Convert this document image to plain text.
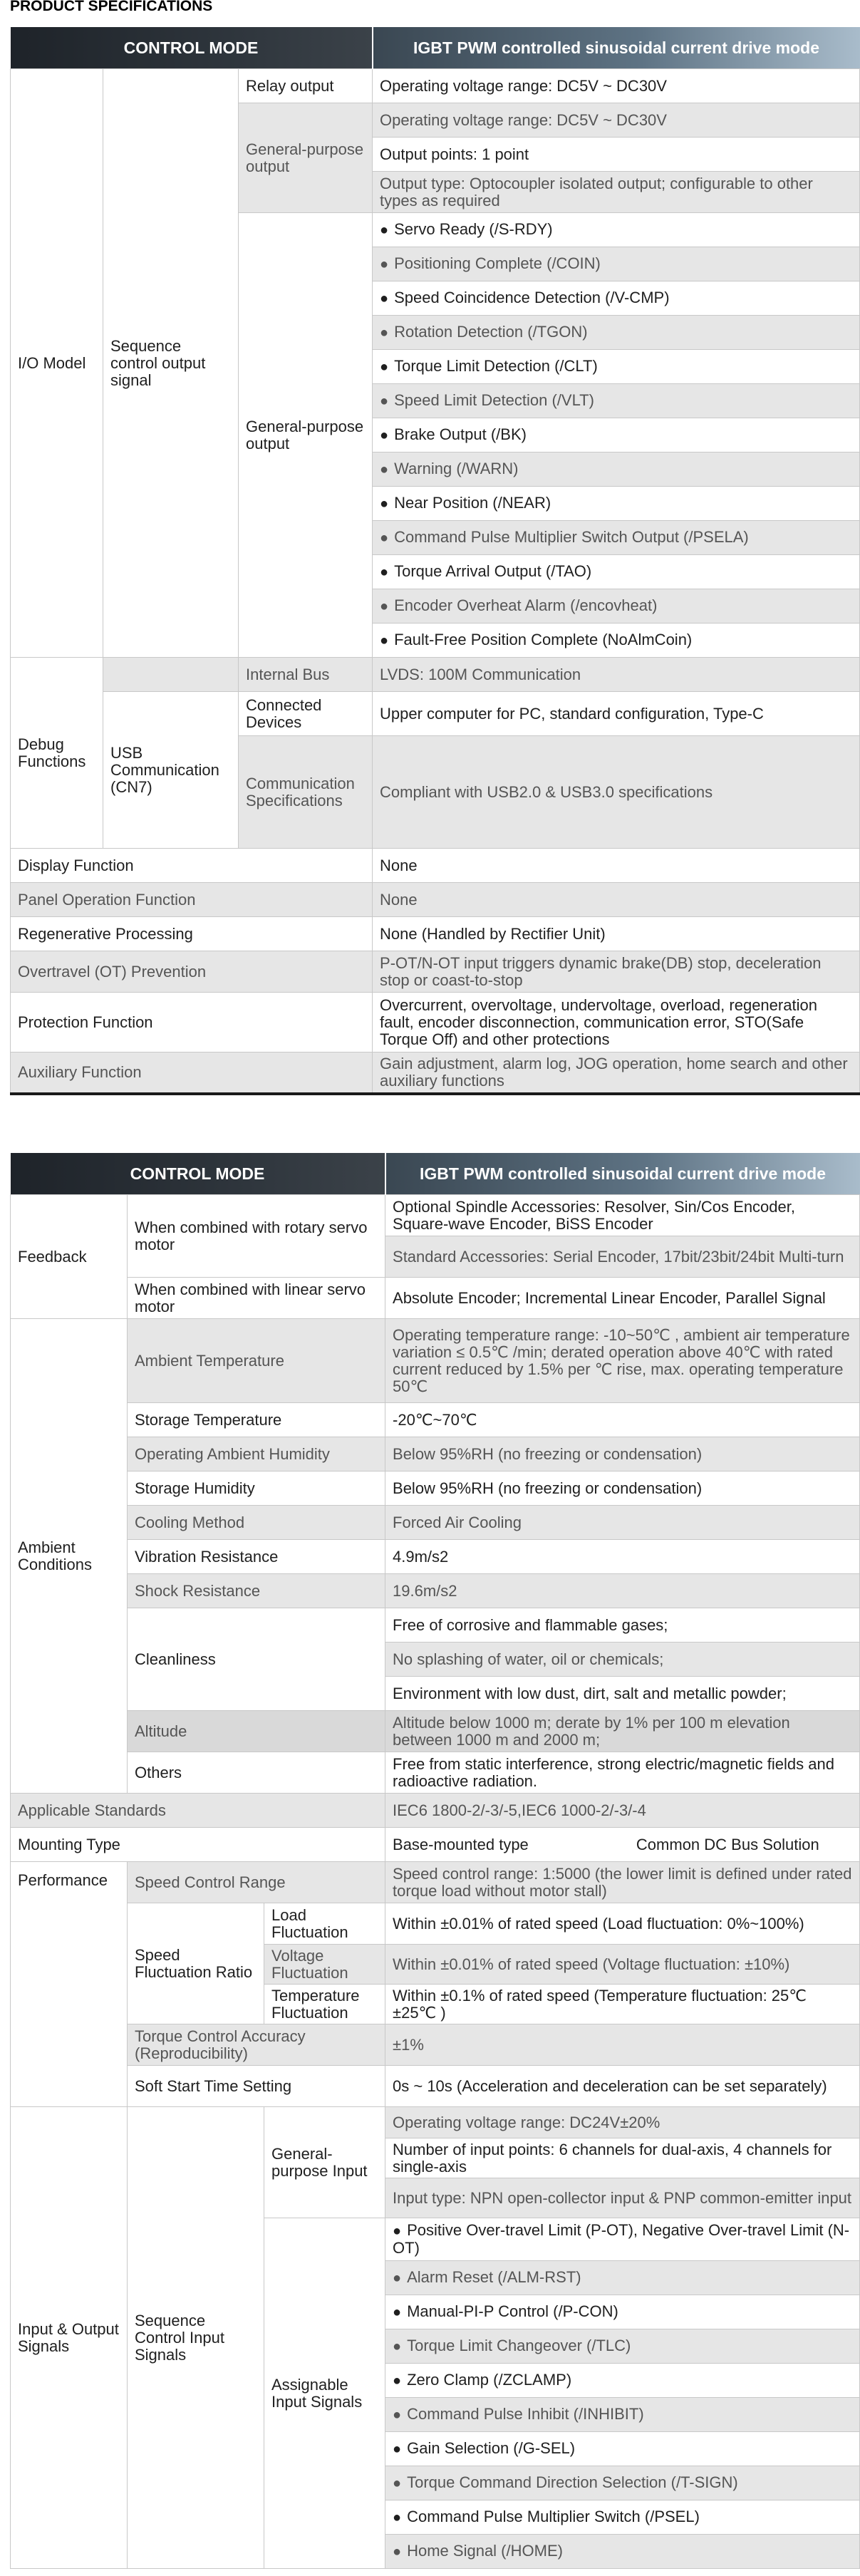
PRODUCT SPECIFICATIONS
CONTROL MODE			IGBT PWM controlled sinusoidal current drive mode
I/O Model	Sequence control output signal	Relay output	Operating voltage range: DC5V ~ DC30V
		General-purpose output	Operating voltage range: DC5V ~ DC30V
			Output points: 1 point
			Output type: Optocoupler isolated output; configurable to other types as required
		General-purpose output	● Servo Ready (/S-RDY)
			● Positioning Complete (/COIN)
			● Speed Coincidence Detection (/V-CMP)
			● Rotation Detection (/TGON)
			● Torque Limit Detection (/CLT)
			● Speed Limit Detection (/VLT)
			● Brake Output (/BK)
			● Warning (/WARN)
			● Near Position (/NEAR)
			● Command Pulse Multiplier Switch Output (/PSELA)
			● Torque Arrival Output (/TAO)
			● Encoder Overheat Alarm (/encovheat)
			● Fault-Free Position Complete (NoAlmCoin)
Debug Functions		Internal Bus	LVDS: 100M Communication
	USB Communication (CN7)	Connected Devices	Upper computer for PC, standard configuration, Type-C
		Communication Specifications	Compliant with USB2.0 & USB3.0 specifications
Display Function			None
Panel Operation Function			None
Regenerative Processing			None (Handled by Rectifier Unit)
Overtravel (OT) Prevention			P-OT/N-OT input triggers dynamic brake(DB) stop, deceleration stop or coast-to-stop
Protection Function			Overcurrent, overvoltage, undervoltage, overload, regeneration fault, encoder disconnection, communication error, STO(Safe Torque Off) and other protections
Auxiliary Function			Gain adjustment, alarm log, JOG operation, home search and other auxiliary functions
CONTROL MODE			IGBT PWM controlled sinusoidal current drive mode
Feedback	When combined with rotary servo motor		Optional Spindle Accessories: Resolver, Sin/Cos Encoder, Square-wave Encoder, BiSS Encoder
			Standard Accessories: Serial Encoder, 17bit/23bit/24bit Multi-turn
	When combined with linear servo motor		Absolute Encoder; Incremental Linear Encoder, Parallel Signal
Ambient Conditions	Ambient Temperature		Operating temperature range: -10~50℃ , ambient air temperature variation ≤ 0.5℃ /min; derated operation above 40℃ with rated current reduced by 1.5% per ℃ rise, max. operating temperature 50℃
	Storage Temperature		-20℃~70℃
	Operating Ambient Humidity		Below 95%RH (no freezing or condensation)
	Storage Humidity		Below 95%RH (no freezing or condensation)
	Cooling Method		Forced Air Cooling
	Vibration Resistance		4.9m/s2
	Shock Resistance		19.6m/s2
	Cleanliness		Free of corrosive and flammable gases;
			No splashing of water, oil or chemicals;
			Environment with low dust, dirt, salt and metallic powder;
	Altitude		Altitude below 1000 m; derate by 1% per 100 m elevation between 1000 m and 2000 m;
	Others		Free from static interference, strong electric/magnetic fields and radioactive radiation.

Applicable Standards			IEC6 1800-2/-3/-5,IEC6 1000-2/-3/-4
Mounting Type			Base-mounted type Common DC Bus Solution
Performance	Speed Control Range		Speed control range: 1:5000 (the lower limit is defined under rated torque load without motor stall)
	Speed Fluctuation Ratio	Load Fluctuation	Within ±0.01% of rated speed (Load fluctuation: 0%~100%)
		Voltage Fluctuation	Within ±0.01% of rated speed (Voltage fluctuation: ±10%)
		Temperature Fluctuation	Within ±0.1% of rated speed (Temperature fluctuation: 25℃ ±25℃ )
	Torque Control Accuracy (Reproducibility)		±1%
	Soft Start Time Setting		0s ~ 10s (Acceleration and deceleration can be set separately)
Input & Output Signals	Sequence Control Input Signals	General-purpose Input	Operating voltage range: DC24V±20%
			Number of input points: 6 channels for dual-axis, 4 channels for single-axis
			Input type: NPN open-collector input & PNP common-emitter input
		Assignable Input Signals	● Positive Over-travel Limit (P-OT), Negative Over-travel Limit (N-OT)
			● Alarm Reset (/ALM-RST)
			● Manual-PI-P Control (/P-CON)
			● Torque Limit Changeover (/TLC)
			● Zero Clamp (/ZCLAMP)
			● Command Pulse Inhibit (/INHIBIT)
			● Gain Selection (/G-SEL)
			● Torque Command Direction Selection (/T-SIGN)
			● Command Pulse Multiplier Switch (/PSEL)
			● Home Signal (/HOME)
